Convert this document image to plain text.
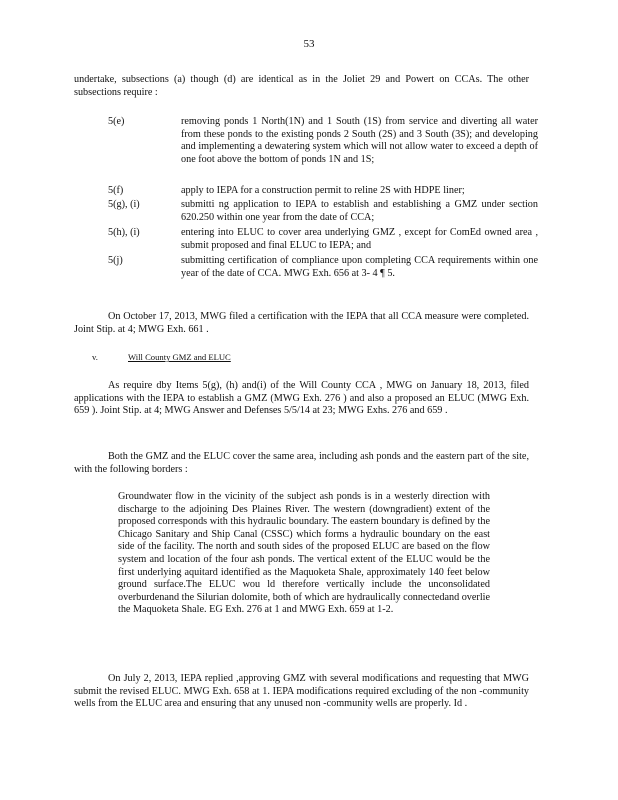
53
undertake, subsections (a) though (d) are identical as in the Joliet 29 and Powert on CCAs. The other subsections require :
5(e)	removing ponds 1 North(1N) and 1 South (1S) from service and diverting all water from these ponds to the existing ponds 2 South (2S) and 3 South (3S); and developing and implementing a dewatering system which will not allow water to exceed a depth of one foot above the bottom of ponds 1N and 1S;
5(f)	apply to IEPA for a construction permit to reline 2S with HDPE liner;
5(g), (i)	submitti ng application to IEPA to establish and establishing a GMZ under section 620.250 within one year from the date of CCA;
5(h), (i)	entering into ELUC to cover area underlying GMZ , except for ComEd owned area , submit proposed and final ELUC to IEPA; and
5(j)	submitting certification of compliance upon completing CCA requirements within one year of the date of CCA. MWG Exh. 656 at 3- 4 ¶ 5.
On October 17, 2013, MWG filed a certification with the IEPA that all CCA measure were completed. Joint Stip. at 4; MWG Exh. 661 .
v.	Will County GMZ and ELUC
As require dby Items 5(g), (h) and(i) of the Will County CCA , MWG on January 18, 2013, filed applications with the IEPA to establish a GMZ (MWG Exh. 276 ) and also a proposed an ELUC (MWG Exh. 659 ). Joint Stip. at 4; MWG Answer and Defenses 5/5/14 at 23; MWG Exhs. 276 and 659 .
Both the GMZ and the ELUC cover the same area, including ash ponds and the eastern part of the site, with the following borders :
Groundwater flow in the vicinity of the subject ash ponds is in a westerly direction with discharge to the adjoining Des Plaines River. The western (downgradient) extent of the proposed corresponds with this hydraulic boundary. The eastern boundary is defined by the Chicago Sanitary and Ship Canal (CSSC) which forms a hydraulic boundary on the east side of the facility. The north and south sides of the proposed ELUC are based on the flow system and location of the four ash ponds. The vertical extent of the ELUC would be the first underlying aquitard identified as the Maquoketa Shale, approximately 140 feet below ground surface.The ELUC wou ld therefore vertically include the unconsolidated overburdenand the Silurian dolomite, both of which are hydraulically connectedand overlie the Maquoketa Shale. EG Exh. 276 at 1 and MWG Exh. 659 at 1-2.
On July 2, 2013, IEPA replied ,approving GMZ with several modifications and requesting that MWG submit the revised ELUC. MWG Exh. 658 at 1. IEPA modifications required excluding of the non -community wells from the ELUC area and ensuring that any unused non -community wells are properly. Id .
